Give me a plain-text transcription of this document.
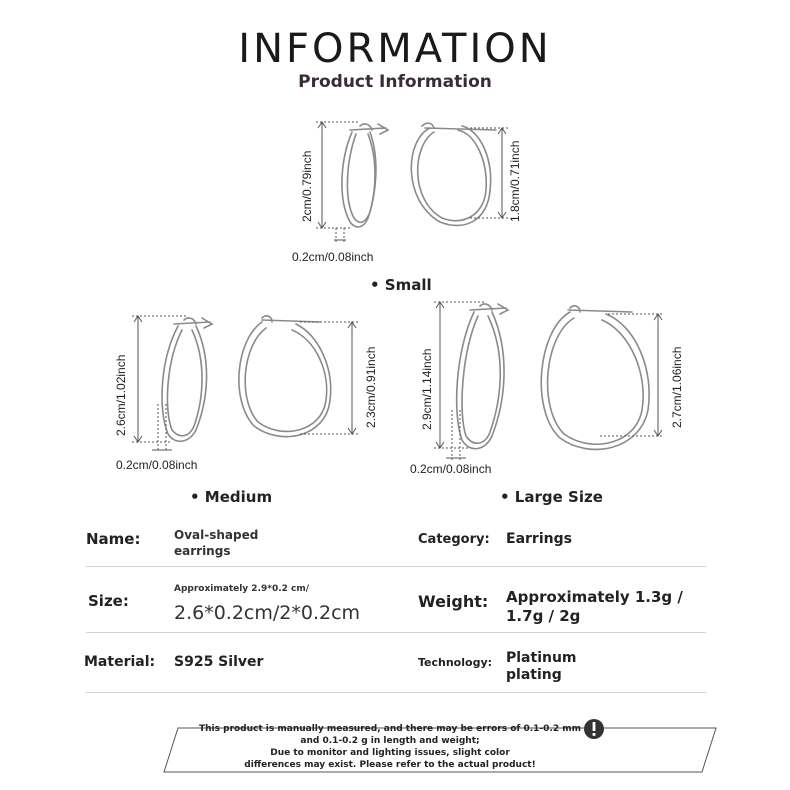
INFORMATION
Product Information
2cm/0.79inch	1.8cm/0.71inch
0.2cm/0.08inch
• Small
2.6cm/1.02inch	2.3cm/0.91inch
0.2cm/0.08inch
• Medium
2.9cm/1.14inch	2.7cm/1.06inch
0.2cm/0.08inch
• Large Size
Name:	Oval-shaped earrings
Category: Earrings
Size:
Approximately 2.9*0.2 cm/
2.6*0.2cm/2*0.2cm
Weight: Approximately 1.3g /
1.7g / 2g
Material: S925 Silver	Technology: Platinum
plating
This product is manually measured, and there may be errors of 0.1-0.2 mm
and 0.1-0.2 g in length and weight;
Due to monitor and lighting issues, slight color
differences may exist. Please refer to the actual product!
